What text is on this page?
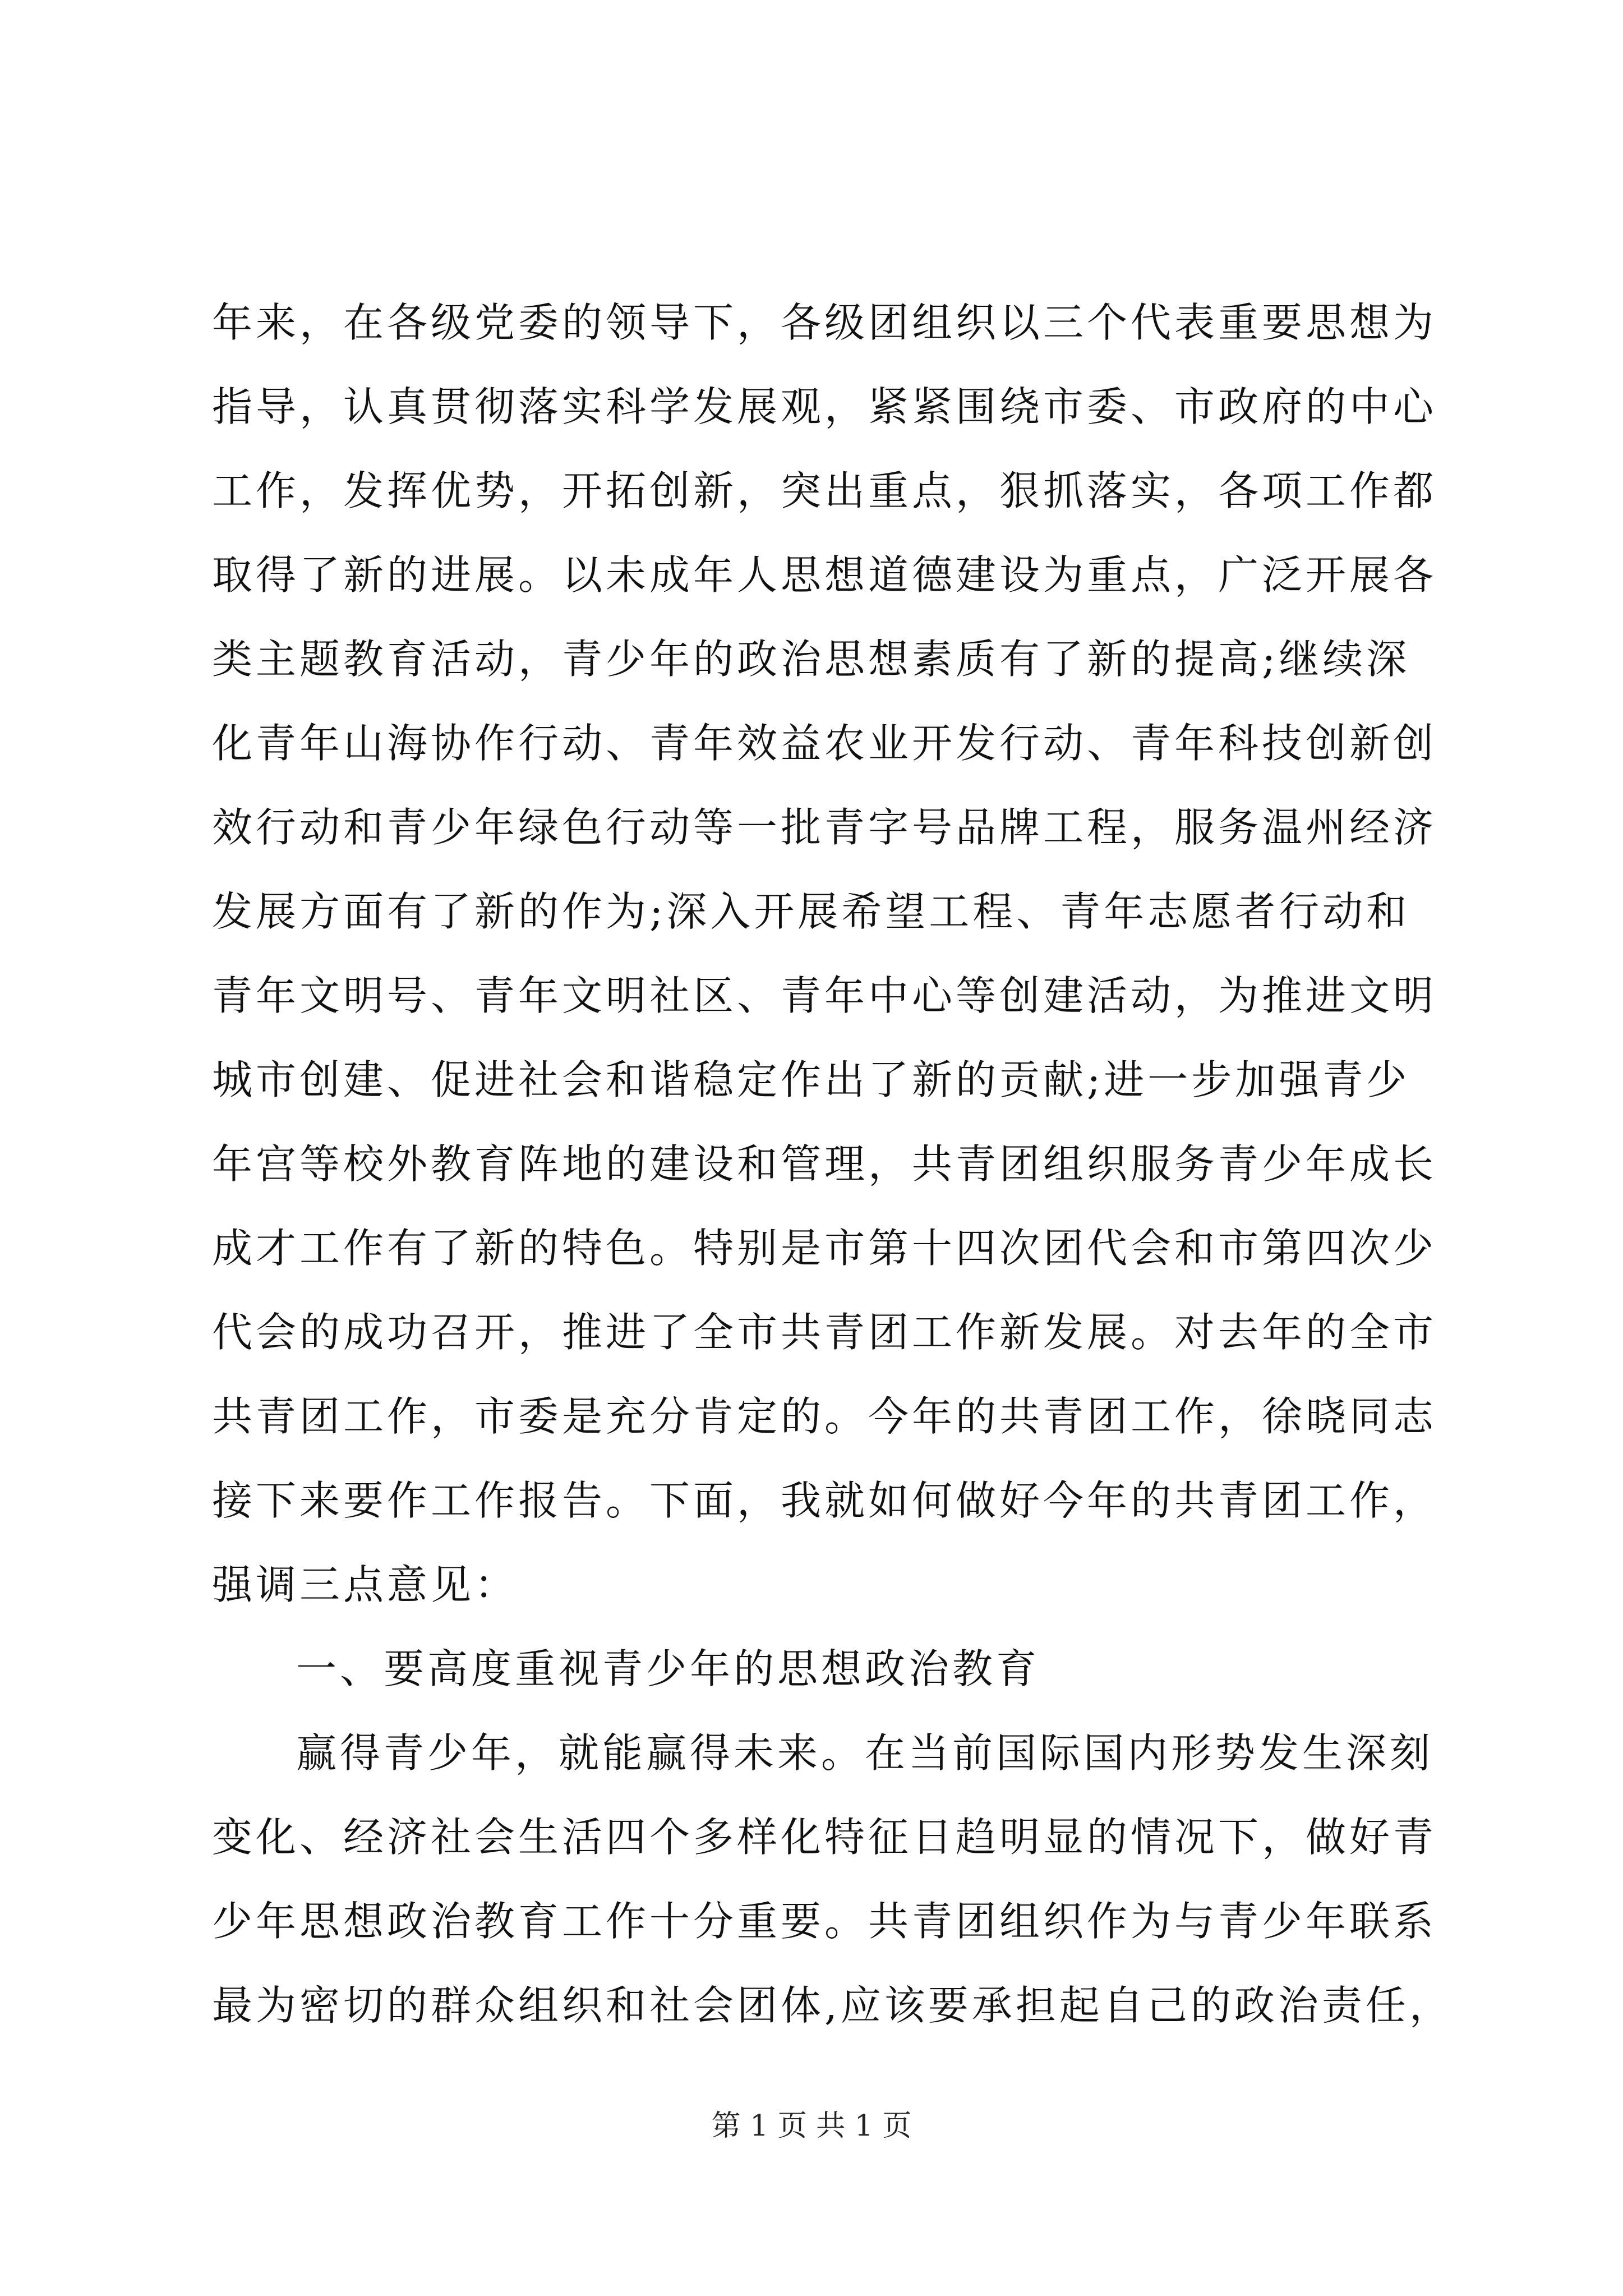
年来，在各级党委的领导下，各级团组织以三个代表重要思想为
指导，认真贯彻落实科学发展观，紧紧围绕市委、市政府的中心
工作，发挥优势，开拓创新，突出重点，狠抓落实，各项工作都
取得了新的进展。以未成年人思想道德建设为重点，广泛开展各
类主题教育活动，青少年的政治思想素质有了新的提高;继续深
化青年山海协作行动、青年效益农业开发行动、青年科技创新创
效行动和青少年绿色行动等一批青字号品牌工程，服务温州经济
发展方面有了新的作为;深入开展希望工程、青年志愿者行动和
青年文明号、青年文明社区、青年中心等创建活动，为推进文明
城市创建、促进社会和谐稳定作出了新的贡献;进一步加强青少
年宫等校外教育阵地的建设和管理，共青团组织服务青少年成长
成才工作有了新的特色。特别是市第十四次团代会和市第四次少
代会的成功召开，推进了全市共青团工作新发展。对去年的全市
共青团工作，市委是充分肯定的。今年的共青团工作，徐晓同志
接下来要作工作报告。下面，我就如何做好今年的共青团工作，
强调三点意见：
一、要高度重视青少年的思想政治教育
赢得青少年，就能赢得未来。在当前国际国内形势发生深刻
变化、经济社会生活四个多样化特征日趋明显的情况下，做好青
少年思想政治教育工作十分重要。共青团组织作为与青少年联系
最为密切的群众组织和社会团体,应该要承担起自己的政治责任，
第 1 页 共 1 页
